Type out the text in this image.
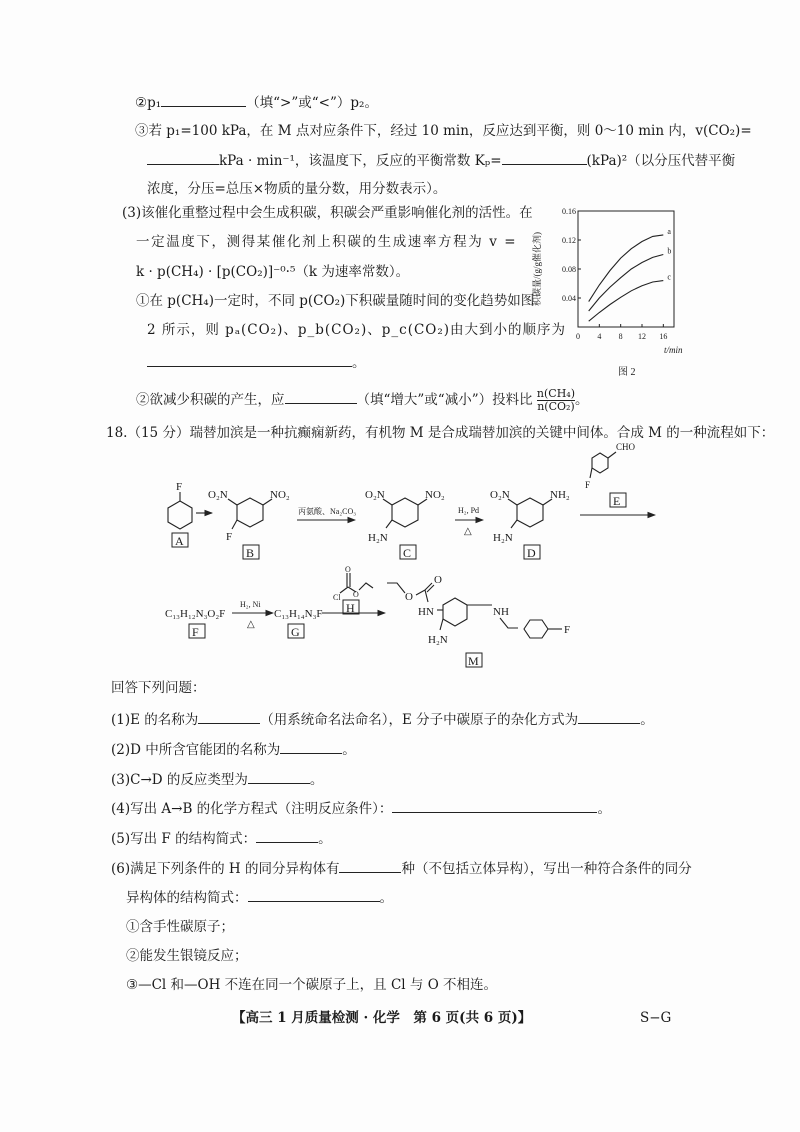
②p₁	（填“>”或“<”）p₂。
③若 p₁=100 kPa，在 M 点对应条件下，经过 10 min，反应达到平衡，则 0～10 min 内，v(CO₂)=
kPa · min⁻¹，该温度下，反应的平衡常数 Kₚ=	(kPa)²（以分压代替平衡
浓度，分压=总压×物质的量分数，用分数表示）。
(3)该催化重整过程中会生成积碳，积碳会严重影响催化剂的活性。在
一定温度下，测得某催化剂上积碳的生成速率方程为 v =
k · p(CH₄) · [p(CO₂)]⁻⁰·⁵（k 为速率常数）。
①在 p(CH₄)一定时，不同 p(CO₂)下积碳量随时间的变化趋势如图
2 所示，则 pₐ(CO₂)、p_b(CO₂)、p_c(CO₂)由大到小的顺序为
。
②欲减少积碳的产生，应	（填“增大”或“减小”）投料比 $\frac{\text{n(CH₄)}}{\text{n(CO₂)}}$ 。
0 4 8 12 16
0.04
0.08
0.12
0.16
a
b
c
t/min
积碳量/(g/g催化剂)
图 2
18.（15 分）瑞替加滨是一种抗癫痫新药，有机物 M 是合成瑞替加滨的关键中间体。合成 M 的一种流程如下：
F
A
O₂N	NO₂
F
B
丙氨酸、Na₂CO₃
O₂N	NO₂
H₂N
C
H₂, Pd
△
O₂N	NH₂
H₂N
D
CHO
F
E
C₁₃H₁₂N₃O₂F
F
H₂, Ni
△
C₁₃H₁₄N₃F
G
O
Cl O
H
O
O
HN	NH
H₂N
F
M
回答下列问题：
(1)E 的名称为	（用系统命名法命名），E 分子中碳原子的杂化方式为	。
(2)D 中所含官能团的名称为	。
(3)C→D 的反应类型为	。
(4)写出 A→B 的化学方程式（注明反应条件）：	。
(5)写出 F 的结构简式：	。
(6)满足下列条件的 H 的同分异构体有	种（不包括立体异构），写出一种符合条件的同分
异构体的结构简式：	。
①含手性碳原子；
②能发生银镜反应；
③—Cl 和—OH 不连在同一个碳原子上，且 Cl 与 O 不相连。
【高三 1 月质量检测 · 化学　第 6 页(共 6 页)】	S−G
